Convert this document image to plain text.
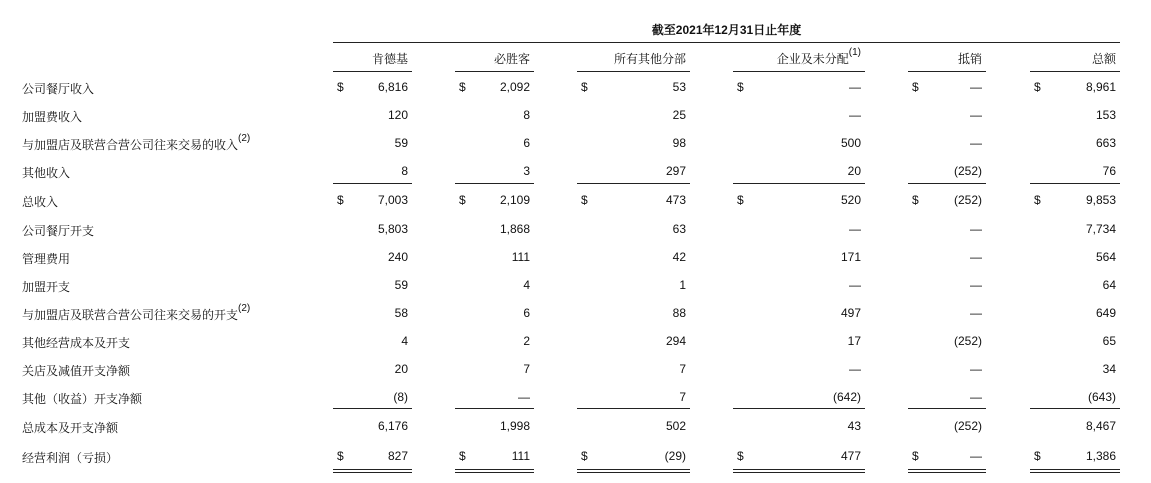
截至2021年12月31日止年度
肯德基	必胜客	所有其他分部	企业及未分配$^{(1)}$	抵销	总额
公司餐厅收入	$	6,816	$	2,092	$	53	$	—	$	—	$	8,961
加盟费收入	120	8	25	—	—	153
与加盟店及联营合营公司往来交易的收入$^{(2)}$	59	6	98	500	—	663
其他收入	8	3	297	20	(252)	76
总收入	$	7,003	$	2,109	$	473	$	520	$	(252)	$	9,853
公司餐厅开支	5,803	1,868	63	—	—	7,734
管理费用	240	111	42	171	—	564
加盟开支	59	4	1	—	—	64
与加盟店及联营合营公司往来交易的开支$^{(2)}$	58	6	88	497	—	649
其他经营成本及开支	4	2	294	17	(252)	65
关店及减值开支净额	20	7	7	—	—	34
其他（收益）开支净额	(8)	—	7	(642)	—	(643)
总成本及开支净额	6,176	1,998	502	43	(252)	8,467
经营利润（亏损）	$	827	$	111	$	(29)	$	477	$	—	$	1,386
